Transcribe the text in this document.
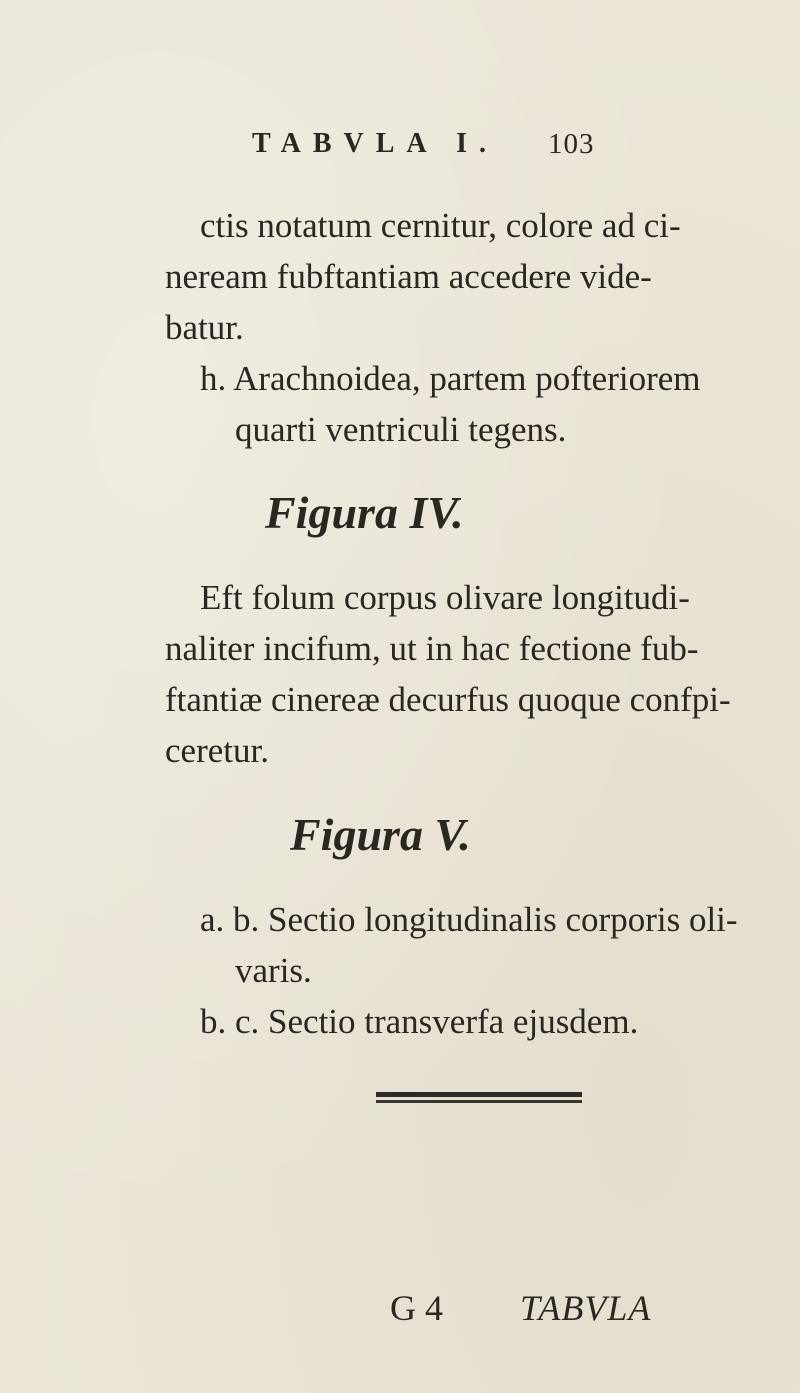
TABVLA I. 103
ctis notatum cernitur, colore ad ci-
neream fubftantiam accedere vide-
batur.
h. Arachnoidea, partem pofteriorem
quarti ventriculi tegens.
Figura IV.
Eft folum corpus olivare longitudi-
naliter incifum, ut in hac fectione fub-
ftantiæ cinereæ decurfus quoque confpi-
ceretur.
Figura V.
a. b. Sectio longitudinalis corporis oli-
varis.
b. c. Sectio transverfa ejusdem.
G 4 TABVLA
